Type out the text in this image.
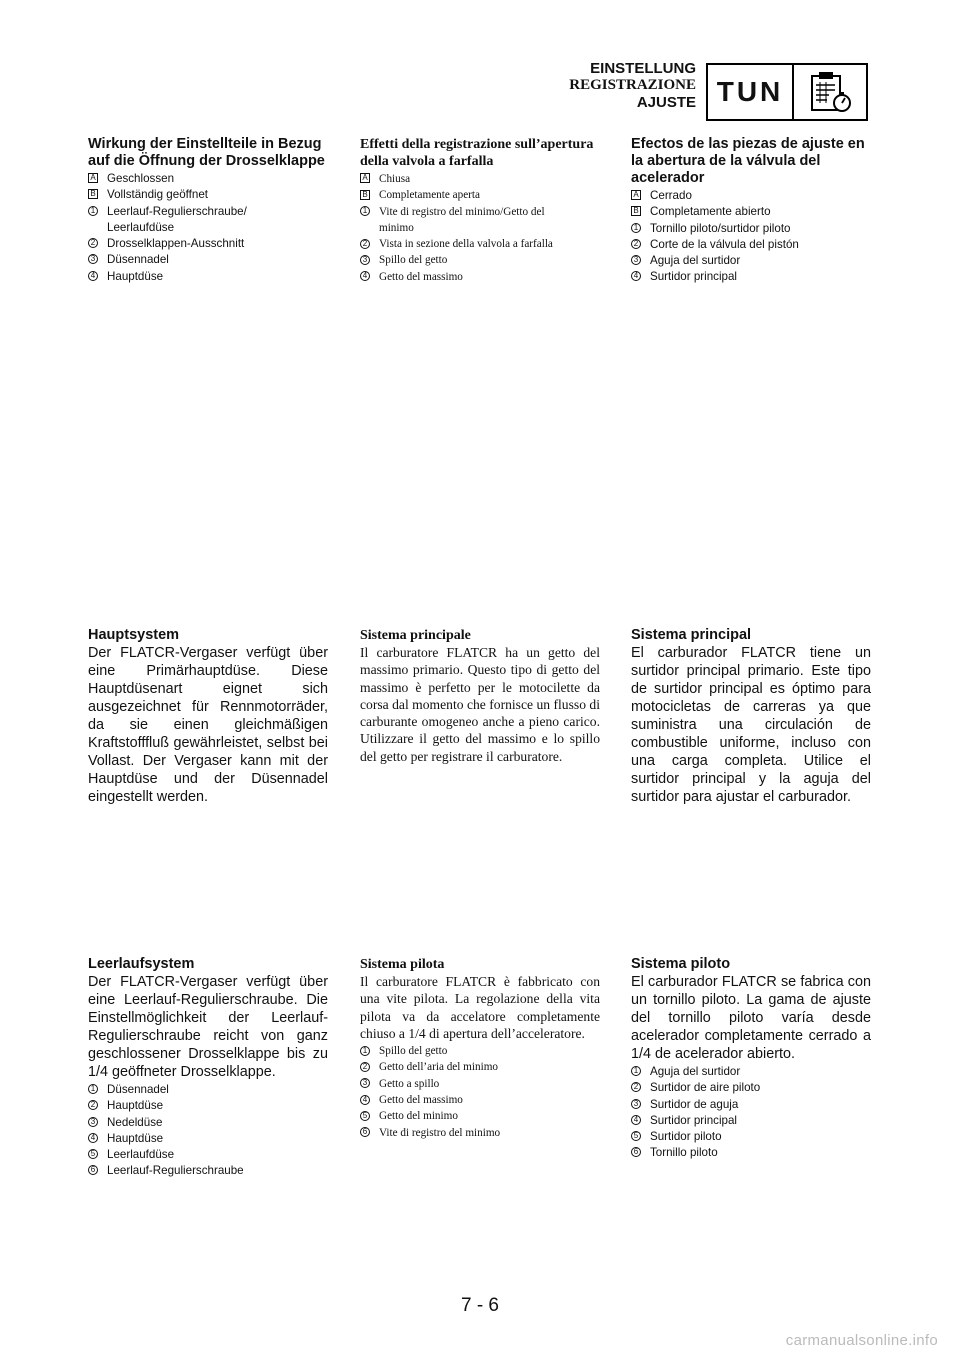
EINSTELLUNG
REGISTRAZIONE
AJUSTE TUN
Wirkung der Einstellteile in Bezug auf die Öffnung der Drosselklappe
A Geschlossen
B Vollständig geöffnet
1	Leerlauf-Regulierschraube/
Leerlaufdüse
2	Drosselklappen-Ausschnitt
3	Düsennadel
4	Hauptdüse
Effetti della registrazione sull’apertura della valvola a farfalla
A	Chiusa
B	Completamente aperta
1	Vite di registro del minimo/Getto del
minimo
2	Vista in sezione della valvola a farfalla
3	Spillo del getto
4	Getto del massimo
Efectos de las piezas de ajuste en la abertura de la válvula del acelerador
A Cerrado
B Completamente abierto
1	Tornillo piloto/surtidor piloto
2	Corte de la válvula del pistón
3	Aguja del surtidor
4	Surtidor principal
Hauptsystem

Der FLATCR-Vergaser verfügt über eine Primärhauptdüse. Diese Hauptdüsenart eignet sich ausgezeichnet für Rennmotorräder, da sie einen gleichmäßigen Kraftstofffluß gewährleistet, selbst bei Vollast. Der Vergaser kann mit der Hauptdüse und der Düsennadel eingestellt werden.

Sistema principale

Il carburatore FLATCR ha un getto del massimo primario. Questo tipo di getto del massimo è perfetto per le motocilette da corsa dal momento che fornisce un flusso di carburante omogeneo anche a pieno carico. Utilizzare il getto del massimo e lo spillo del getto per registrare il carburatore.

Sistema principal

El carburador FLATCR tiene un surtidor principal primario. Este tipo de surtidor principal es óptimo para motocicletas de carreras ya que suministra una circulación de combustible uniforme, incluso con una carga completa. Utilice el surtidor principal y la aguja del surtidor para ajustar el carburador.

Leerlaufsystem

Der FLATCR-Vergaser verfügt über eine Leerlauf-Regulierschraube. Die Einstellmöglichkeit der Leerlauf-Regulierschraube reicht von ganz geschlossener Drosselklappe bis zu 1/4 geöffneter Drosselklappe.

1	Düsennadel
2	Hauptdüse
3	Nedeldüse
4	Hauptdüse
5	Leerlaufdüse
6	Leerlauf-Regulierschraube
Sistema pilota

Il carburatore FLATCR è fabbricato con una vite pilota. La regolazione della vita pilota va da accelatore completamente chiuso a 1/4 di apertura dell’acceleratore.

1	Spillo del getto
2	Getto dell’aria del minimo
3	Getto a spillo
4	Getto del massimo
5	Getto del minimo
6	Vite di registro del minimo
Sistema piloto

El carburador FLATCR se fabrica con un tornillo piloto. La gama de ajuste del tornillo piloto varía desde acelerador completamente cerrado a 1/4 de acelerador abierto.

1	Aguja del surtidor
2	Surtidor de aire piloto
3	Surtidor de aguja
4	Surtidor principal
5	Surtidor piloto
6	Tornillo piloto
7 - 6
carmanualsonline.info
